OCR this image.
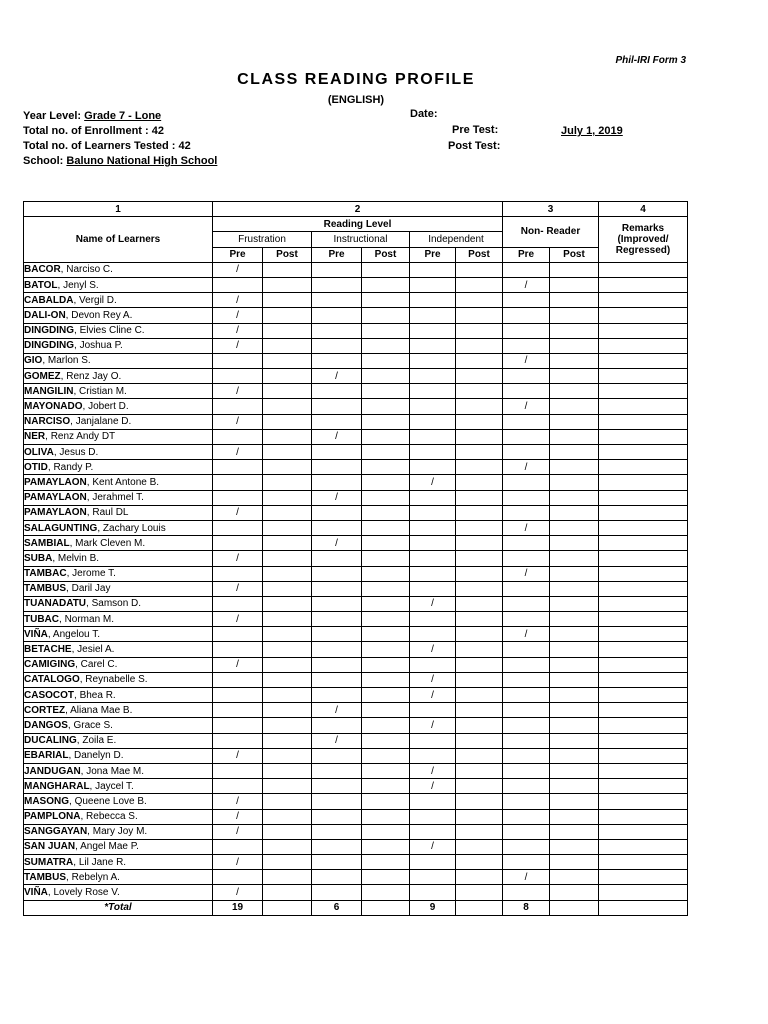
Phil-IRI Form 3
CLASS READING PROFILE
(ENGLISH)
Year Level: Grade 7 - Lone
Total no. of Enrollment : 42
Total no. of Learners Tested : 42
School: Baluno National High School
Date:
Pre Test:	July 1, 2019
Post Test:
1	2						3		4
Name of Learners	Reading Level						Non- Reader		Remarks (Improved/ Regressed)
	Frustration		Instructional		Independent				
	Pre	Post	Pre	Post	Pre	Post	Pre	Post	
BACOR, Narciso C.	/								
BATOL, Jenyl S.							/		
CABALDA, Vergil D.	/								
DALI-ON, Devon Rey A.	/								
DINGDING, Elvies Cline C.	/								
DINGDING, Joshua P.	/								
GIO, Marlon S.							/		
GOMEZ, Renz Jay O.			/						
MANGILIN, Cristian M.	/								
MAYONADO, Jobert D.							/		
NARCISO, Janjalane D.	/								
NER, Renz Andy DT			/						
OLIVA, Jesus D.	/								
OTID, Randy P.							/		
PAMAYLAON, Kent Antone B.					/				
PAMAYLAON, Jerahmel T.			/						
PAMAYLAON, Raul DL	/								
SALAGUNTING, Zachary Louis							/		
SAMBIAL, Mark Cleven M.			/						
SUBA, Melvin B.	/								
TAMBAC, Jerome T.							/		
TAMBUS, Daril Jay	/								
TUANADATU, Samson D.					/				
TUBAC, Norman M.	/								
VIÑA, Angelou T.							/		
BETACHE, Jesiel A.					/				
CAMIGING, Carel C.	/								
CATALOGO, Reynabelle S.					/				
CASOCOT, Bhea R.					/				
CORTEZ, Aliana Mae B.			/						
DANGOS, Grace S.					/				
DUCALING, Zoila E.			/						
EBARIAL, Danelyn D.	/								
JANDUGAN, Jona Mae M.					/				
MANGHARAL, Jaycel T.					/				
MASONG, Queene Love B.	/								
PAMPLONA, Rebecca S.	/								
SANGGAYAN, Mary Joy M.	/								
SAN JUAN, Angel Mae P.					/				
SUMATRA, Lil Jane R.	/								
TAMBUS, Rebelyn A.							/		
VIÑA, Lovely Rose V.	/								
*Total	19		6		9		8		
